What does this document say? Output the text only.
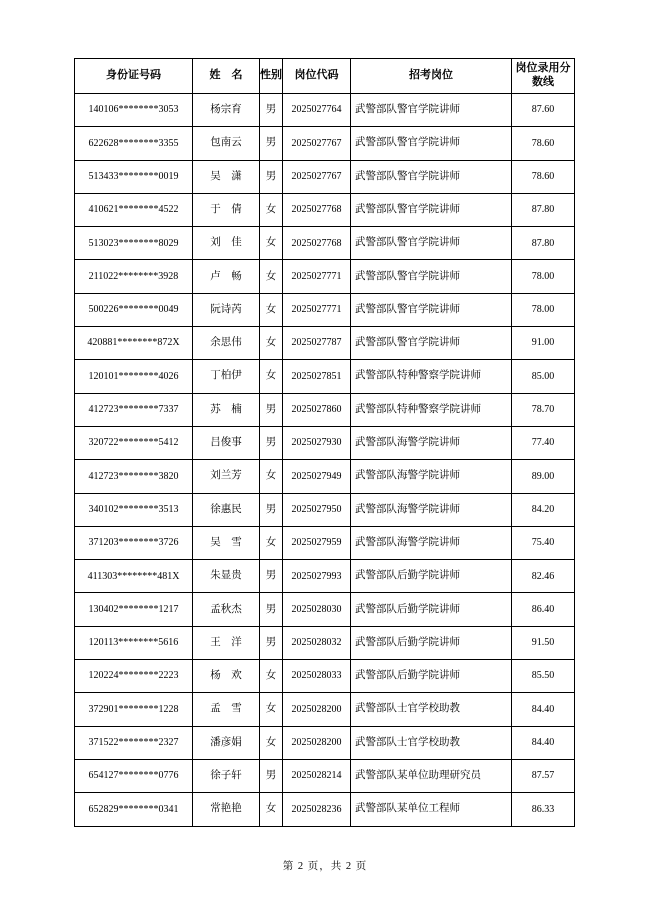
身份证号码	姓　名	性别	岗位代码	招考岗位	岗位录用分数线
140106********3053	杨宗育	男	2025027764	武警部队警官学院讲师	87.60
622628********3355	包南云	男	2025027767	武警部队警官学院讲师	78.60
513433********0019	吴　潇	男	2025027767	武警部队警官学院讲师	78.60
410621********4522	于　倩	女	2025027768	武警部队警官学院讲师	87.80
513023********8029	刘　佳	女	2025027768	武警部队警官学院讲师	87.80
211022********3928	卢　畅	女	2025027771	武警部队警官学院讲师	78.00
500226********0049	阮诗芮	女	2025027771	武警部队警官学院讲师	78.00
420881********872X	余思伟	女	2025027787	武警部队警官学院讲师	91.00
120101********4026	丁柏伊	女	2025027851	武警部队特种警察学院讲师	85.00
412723********7337	苏　楠	男	2025027860	武警部队特种警察学院讲师	78.70
320722********5412	吕俊事	男	2025027930	武警部队海警学院讲师	77.40
412723********3820	刘兰芳	女	2025027949	武警部队海警学院讲师	89.00
340102********3513	徐惠民	男	2025027950	武警部队海警学院讲师	84.20
371203********3726	吴　雪	女	2025027959	武警部队海警学院讲师	75.40
411303********481X	朱显贵	男	2025027993	武警部队后勤学院讲师	82.46
130402********1217	孟秋杰	男	2025028030	武警部队后勤学院讲师	86.40
120113********5616	王　洋	男	2025028032	武警部队后勤学院讲师	91.50
120224********2223	杨　欢	女	2025028033	武警部队后勤学院讲师	85.50
372901********1228	孟　雪	女	2025028200	武警部队士官学校助教	84.40
371522********2327	潘彦娟	女	2025028200	武警部队士官学校助教	84.40
654127********0776	徐子轩	男	2025028214	武警部队某单位助理研究员	87.57
652829********0341	常艳艳	女	2025028236	武警部队某单位工程师	86.33
第 2 页，共 2 页
